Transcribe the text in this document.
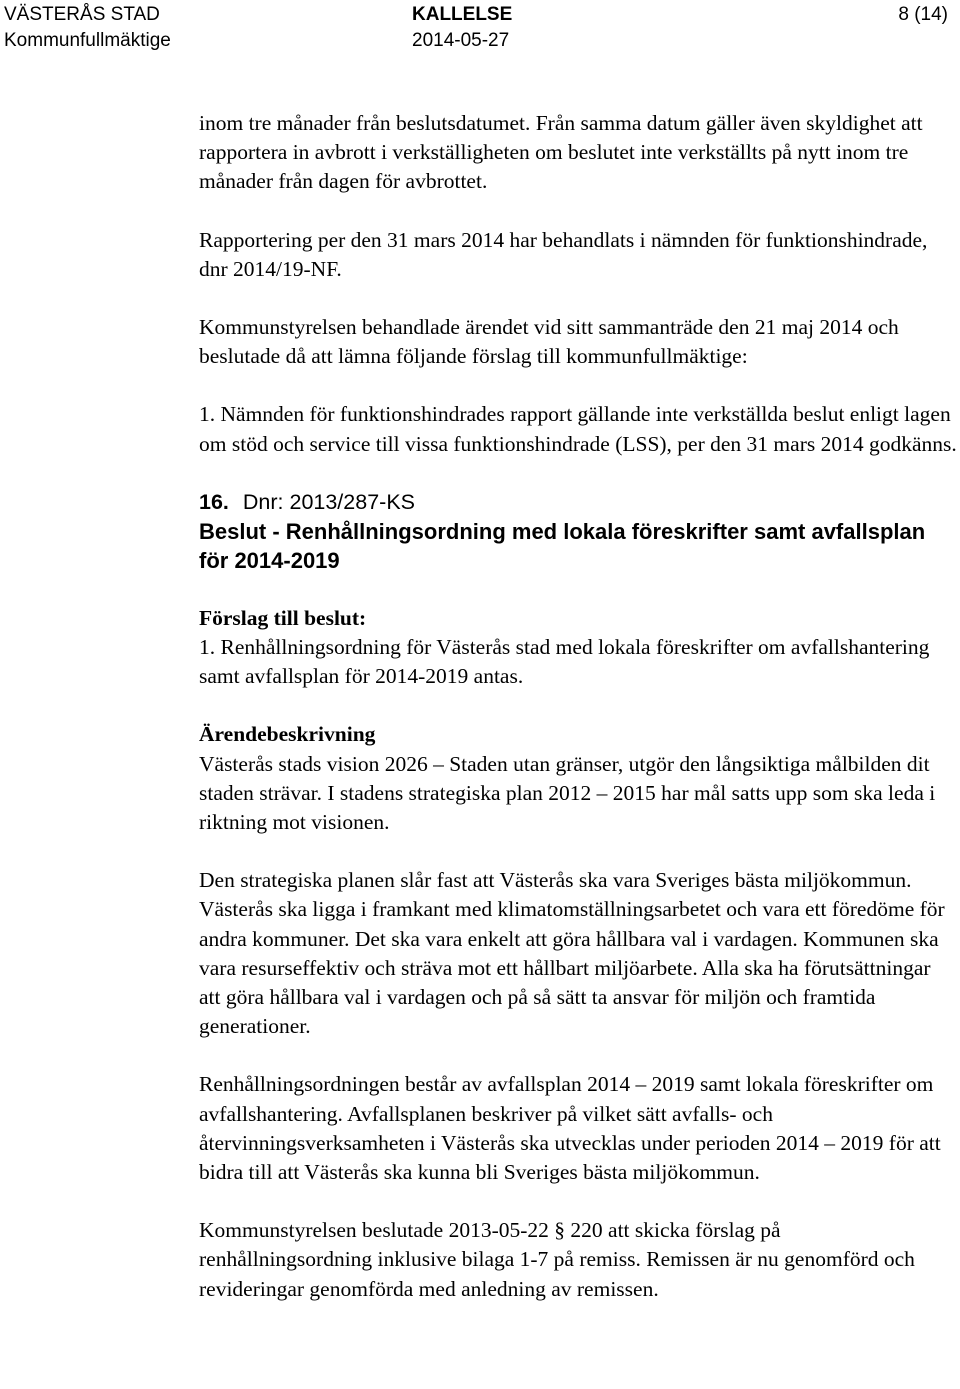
VÄSTERÅS STAD
Kommunfullmäktige
KALLELSE
2014-05-27
8 (14)

inom tre månader från beslutsdatumet. Från samma datum gäller även skyldighet att rapportera in avbrott i verkställigheten om beslutet inte verkställts på nytt inom tre månader från dagen för avbrottet.

Rapportering per den 31 mars 2014 har behandlats i nämnden för funktionshindrade, dnr 2014/19-NF.

Kommunstyrelsen behandlade ärendet vid sitt sammanträde den 21 maj 2014 och beslutade då att lämna följande förslag till kommunfullmäktige:

1. Nämnden för funktionshindrades rapport gällande inte verkställda beslut enligt lagen om stöd och service till vissa funktionshindrade (LSS), per den 31 mars 2014 godkänns.

16. Dnr: 2013/287-KS
Beslut - Renhållningsordning med lokala föreskrifter samt avfallsplan för 2014-2019
Förslag till beslut:

1. Renhållningsordning för Västerås stad med lokala föreskrifter om avfallshantering samt avfallsplan för 2014-2019 antas.

Ärendebeskrivning

Västerås stads vision 2026 – Staden utan gränser, utgör den långsiktiga målbilden dit staden strävar. I stadens strategiska plan 2012 – 2015 har mål satts upp som ska leda i riktning mot visionen.

Den strategiska planen slår fast att Västerås ska vara Sveriges bästa miljökommun. Västerås ska ligga i framkant med klimatomställningsarbetet och vara ett föredöme för andra kommuner. Det ska vara enkelt att göra hållbara val i vardagen. Kommunen ska vara resurseffektiv och sträva mot ett hållbart miljöarbete. Alla ska ha förutsättningar att göra hållbara val i vardagen och på så sätt ta ansvar för miljön och framtida generationer.

Renhållningsordningen består av avfallsplan 2014 – 2019 samt lokala föreskrifter om avfallshantering. Avfallsplanen beskriver på vilket sätt avfalls- och återvinningsverksamheten i Västerås ska utvecklas under perioden 2014 – 2019 för att bidra till att Västerås ska kunna bli Sveriges bästa miljökommun.

Kommunstyrelsen beslutade 2013-05-22 § 220 att skicka förslag på renhållningsordning inklusive bilaga 1-7 på remiss. Remissen är nu genomförd och revideringar genomförda med anledning av remissen.
